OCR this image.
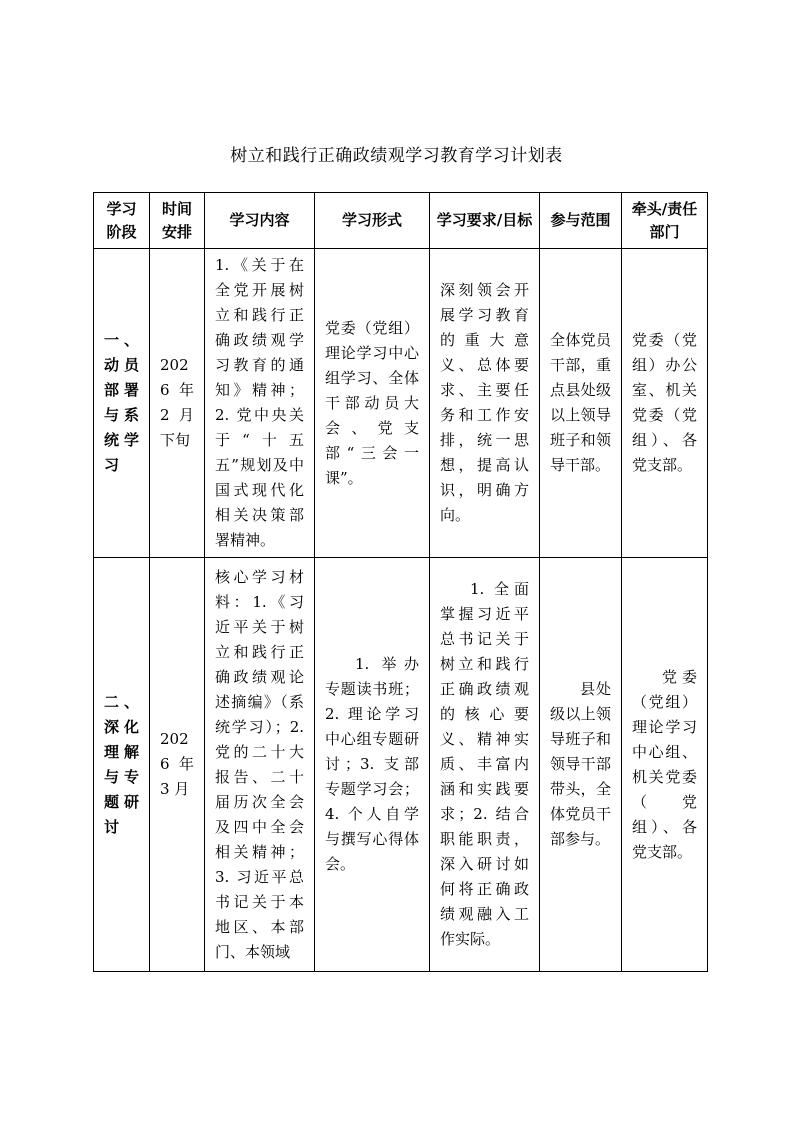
树立和践行正确政绩观学习教育学习计划表
学习阶段	时间安排	学习内容	学习形式	学习要求/目标	参与范围	牵头/责任部门
一、动员部署与系统学习	2026 年 2 月下旬	1.《关于在全党开展树立和践行正确政绩观学习教育的通知》精神；2. 党中央关于“十五五”规划及中国式现代化相关决策部署精神。	党委（党组）理论学习中心组学习、全体干部动员大会、党支部“三会一课”。	深刻领会开展学习教育的重大意义、总体要求、主要任务和工作安排，统一思想，提高认识，明确方向。	全体党员干部，重点县处级以上领导班子和领导干部。	党委（党组）办公室、机关党委（党组）、各党支部。
二、深化理解与专题研讨	2026 年 3 月	核心学习材料：1.《习近平关于树立和践行正确政绩观论述摘编》（系统学习）；2. 党的二十大报告、二十届历次全会及四中全会相关精神；3. 习近平总书记关于本地区、本部门、本领域	1. 举办专题读书班；2. 理论学习中心组专题研讨；3. 支部专题学习会；4. 个人自学与撰写心得体会。	1. 全面掌握习近平总书记关于树立和践行正确政绩观的核心要义、精神实质、丰富内涵和实践要求；2. 结合职能职责，深入研讨如何将正确政绩观融入工作实际。	县处级以上领导班子和领导干部带头，全体党员干部参与。	党委（党组）理论学习中心组、机关党委（党组）、各党支部。
